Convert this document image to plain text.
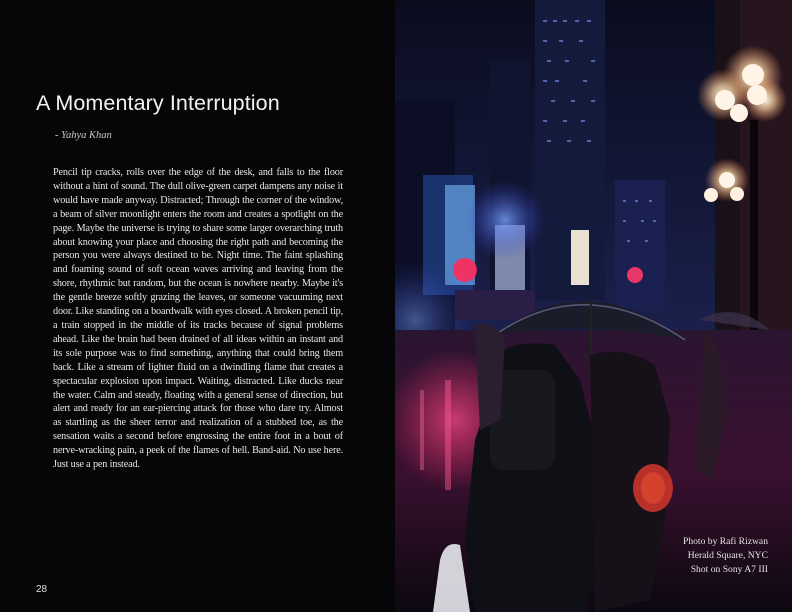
A Momentary Interruption

- Yahya Khan

Pencil tip cracks, rolls over the edge of the desk, and falls to the floor without a hint of sound. The dull olive-green carpet dampens any noise it would have made anyway. Distracted; Through the corner of the window, a beam of silver moonlight enters the room and creates a spotlight on the page. Maybe the universe is trying to share some larger overarching truth about knowing your place and choosing the right path and becoming the person you were always destined to be. Night time. The faint splashing and foaming sound of soft ocean waves arriving and leaving from the shore, rhythmic but random, but the ocean is nowhere nearby. Maybe it's the gentle breeze softly grazing the leaves, or someone vacuuming next door. Like standing on a boardwalk with eyes closed. A broken pencil tip, a train stopped in the middle of its tracks because of signal problems ahead. Like the brain had been drained of all ideas within an instant and its sole purpose was to find something, anything that could bring them back. Like a stream of lighter fluid on a dwindling flame that creates a spectacular explosion upon impact. Waiting, distracted. Like ducks near the water. Calm and steady, floating with a general sense of direction, but alert and ready for an ear-piercing attack for those who dare try. Almost as startling as the sheer terror and realization of a stubbed toe, as the sensation waits a second before engrossing the entire foot in a bout of nerve-wracking pain, a peek of the flames of hell. Band-aid. No use here. Just use a pen instead.

28
Photo by Rafi Rizwan
Herald Square, NYC
Shot on Sony A7 III
